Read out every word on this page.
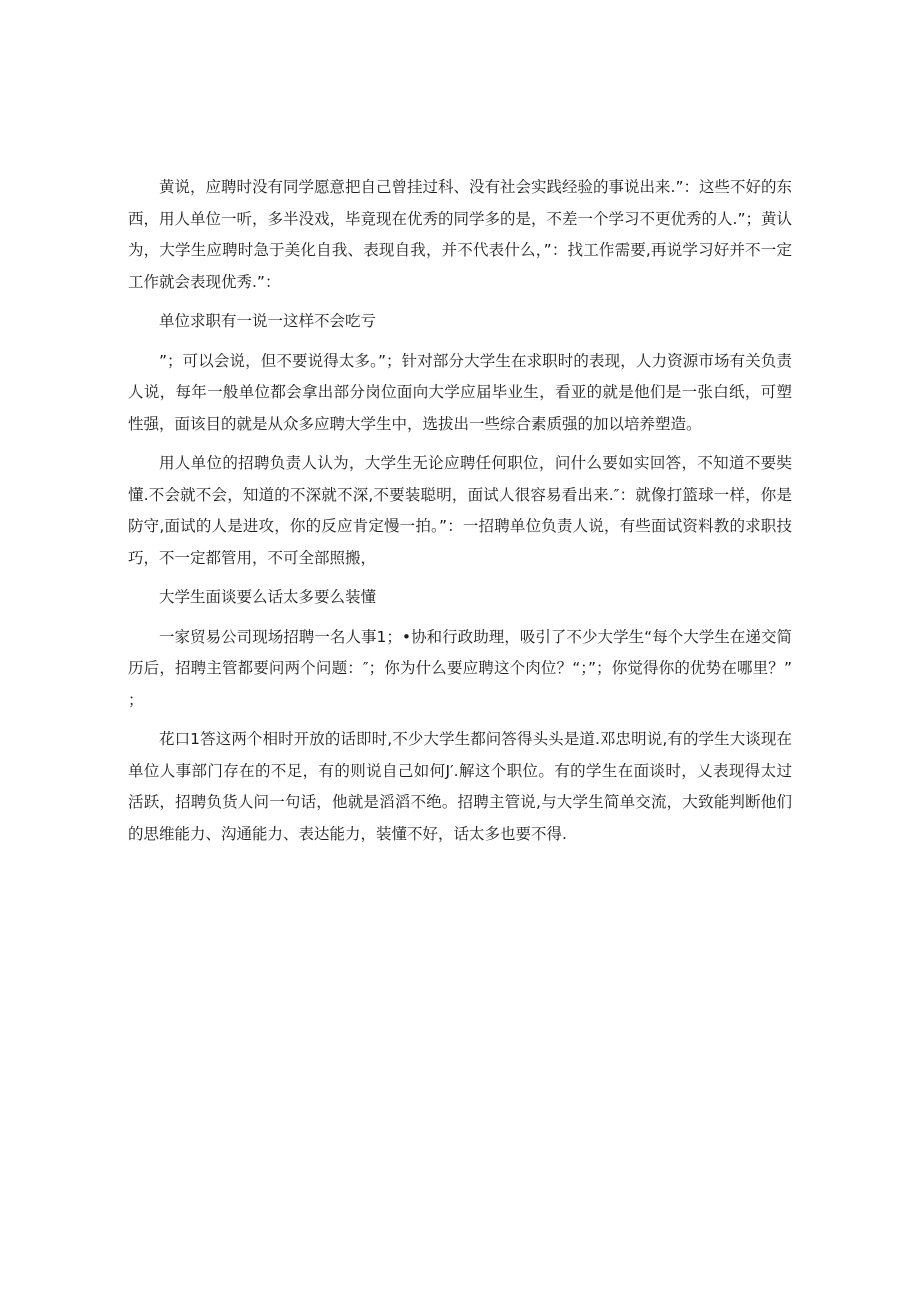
黄说，应聘时没有同学愿意把自己曾挂过科、没有社会实践经验的事说出来.”：这些不好的东西，用人单位一听，多半没戏，毕竟现在优秀的同学多的是，不差一个学习不更优秀的人.”；黄认为，大学生应聘时急于美化自我、表现自我，并不代表什么，”：找工作需要,再说学习好并不一定工作就会表现优秀.”：

单位求职有一说一这样不会吃亏

”；可以会说，但不要说得太多。”；针对部分大学生在求职时的表现，人力资源市场有关负责人说，每年一般单位都会拿出部分岗位面向大学应届毕业生，看亚的就是他们是一张白纸，可塑性强，面该目的就是从众多应聘大学生中，选拔出一些综合素质强的加以培养塑造。

用人单位的招聘负责人认为，大学生无论应聘任何职位，问什么要如实回答，不知道不要奘懂.不会就不会，知道的不深就不深,不要装聪明，面试人很容易看出来.″：就像打篮球一样，你是防守,面试的人是进攻，你的反应肯定慢一拍。”：一招聘单位负责人说，有些面试资料教的求职技巧，不一定都管用，不可全部照搬，

大学生面谈要么话太多要么装懂

一家贸易公司现场招聘一名人事1；•协和行政助理，吸引了不少大学生“每个大学生在递交简历后，招聘主管都要问两个问题：″；你为什么要应聘这个肉位？“；”；你觉得你的优势在哪里？”；

花口1答这两个相时开放的话即时,不少大学生都问答得头头是道.邓忠明说,有的学生大谈现在单位人事部门存在的不足，有的则说自己如何J′.解这个职位。有的学生在面谈时，乂表现得太过活跃，招聘负货人问一句话，他就是滔滔不绝。招聘主管说,与大学生简单交流，大致能判断他们的思维能力、沟通能力、表达能力，装懂不好，话太多也要不得.
